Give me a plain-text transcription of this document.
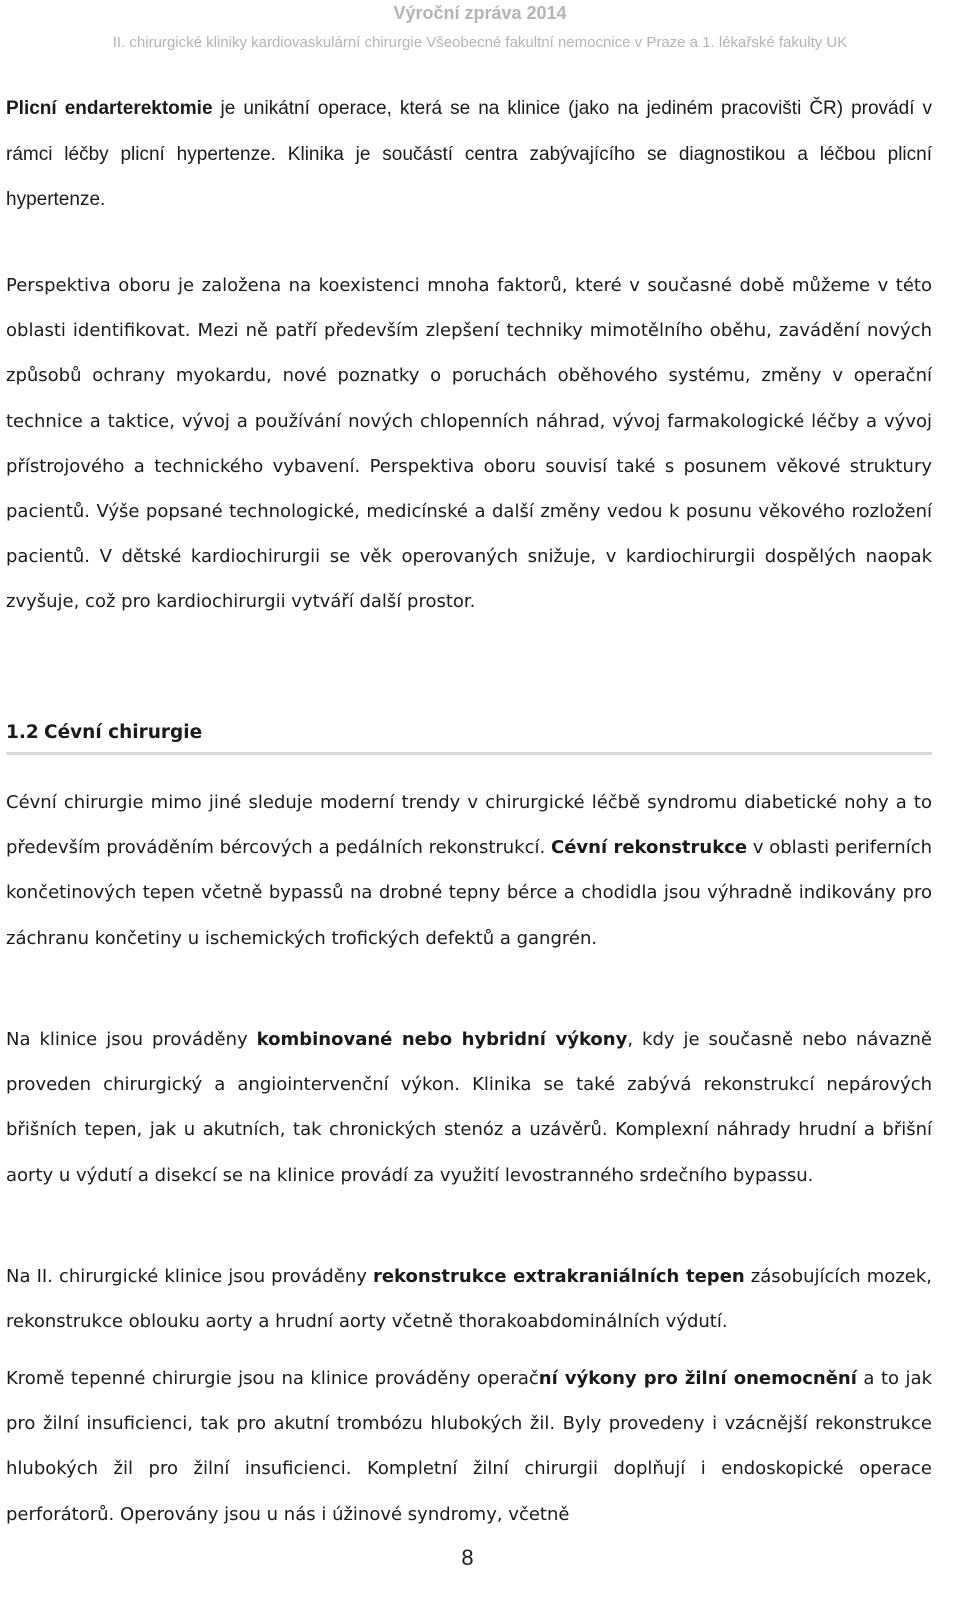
Výroční zpráva 2014
II. chirurgické kliniky kardiovaskulární chirurgie Všeobecné fakultní nemocnice v Praze a 1. lékařské fakulty UK

Plicní endarterektomie je unikátní operace, která se na klinice (jako na jediném pracovišti ČR) provádí v rámci léčby plicní hypertenze. Klinika je součástí centra zabývajícího se diagnostikou a léčbou plicní hypertenze.

Perspektiva oboru je založena na koexistenci mnoha faktorů, které v současné době můžeme v této oblasti identifikovat. Mezi ně patří především zlepšení techniky mimotělního oběhu, zavádění nových způsobů ochrany myokardu, nové poznatky o poruchách oběhového systému, změny v operační technice a taktice, vývoj a používání nových chlopenních náhrad, vývoj farmakologické léčby a vývoj přístrojového a technického vybavení. Perspektiva oboru souvisí také s posunem věkové struktury pacientů. Výše popsané technologické, medicínské a další změny vedou k posunu věkového rozložení pacientů. V dětské kardiochirurgii se věk operovaných snižuje, v kardiochirurgii dospělých naopak zvyšuje, což pro kardiochirurgii vytváří další prostor.

1.2 Cévní chirurgie

Cévní chirurgie mimo jiné sleduje moderní trendy v chirurgické léčbě syndromu diabetické nohy a to především prováděním bércových a pedálních rekonstrukcí. Cévní rekonstrukce v oblasti periferních končetinových tepen včetně bypassů na drobné tepny bérce a chodidla jsou výhradně indikovány pro záchranu končetiny u ischemických trofických defektů a gangrén.

Na klinice jsou prováděny kombinované nebo hybridní výkony, kdy je současně nebo návazně proveden chirurgický a angiointervenční výkon. Klinika se také zabývá rekonstrukcí nepárových břišních tepen, jak u akutních, tak chronických stenóz a uzávěrů. Komplexní náhrady hrudní a břišní aorty u výdutí a disekcí se na klinice provádí za využití levostranného srdečního bypassu.

Na II. chirurgické klinice jsou prováděny rekonstrukce extrakraniálních tepen zásobujících mozek, rekonstrukce oblouku aorty a hrudní aorty včetně thorakoabdominálních výdutí.

Kromě tepenné chirurgie jsou na klinice prováděny operační výkony pro žilní onemocnění a to jak pro žilní insuficienci, tak pro akutní trombózu hlubokých žil. Byly provedeny i vzácnější rekonstrukce hlubokých žil pro žilní insuficienci. Kompletní žilní chirurgii doplňují i endoskopické operace perforátorů. Operovány jsou u nás i úžinové syndromy, včetně

8
